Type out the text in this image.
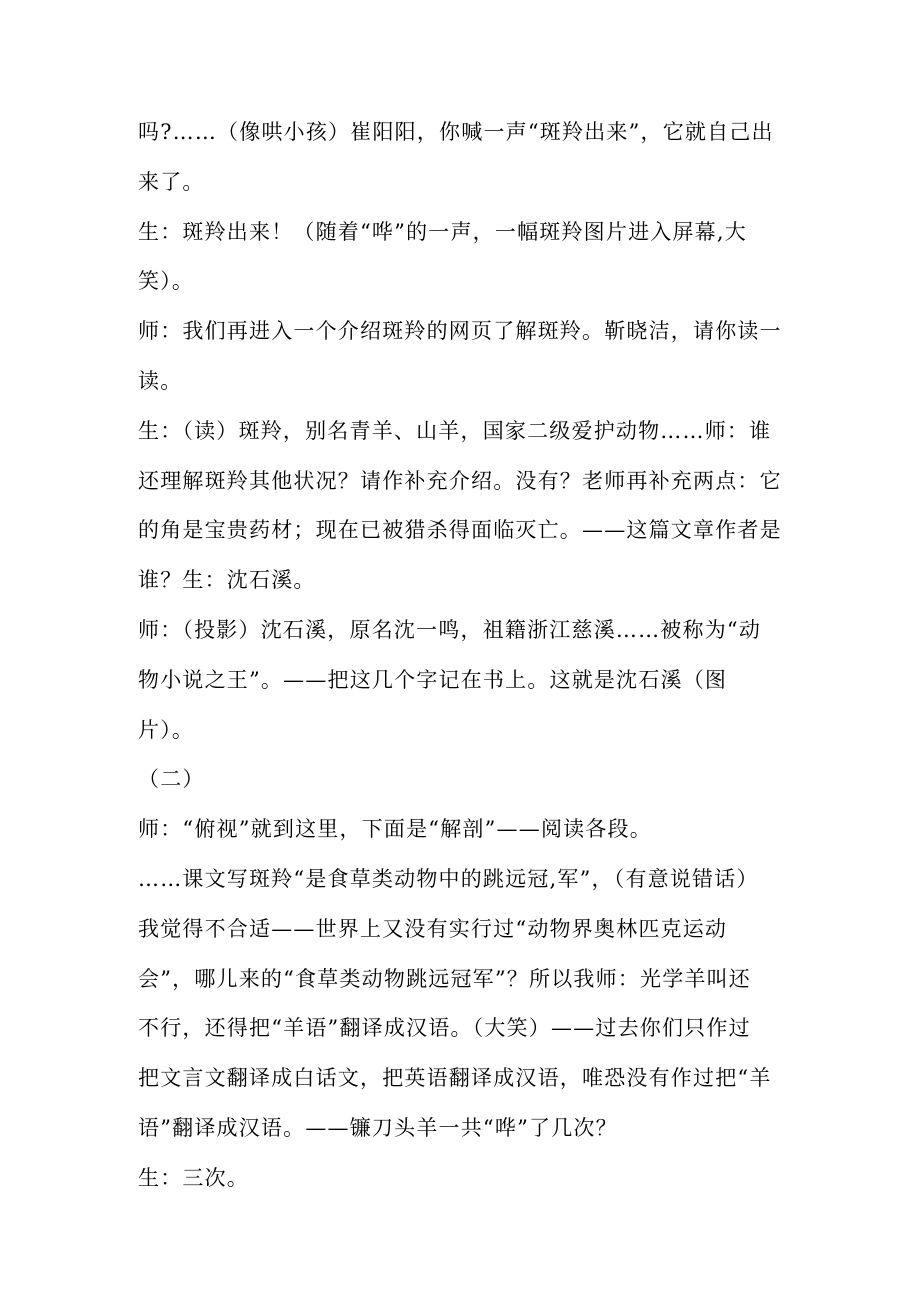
吗?……（像哄小孩）崔阳阳，你喊一声“斑羚出来”，它就自己出
来了。
生：斑羚出来！（随着“哗”的一声，一幅斑羚图片进入屏幕,大
笑）。
师：我们再进入一个介绍斑羚的网页了解斑羚。靳晓洁，请你读一
读。
生：（读）斑羚，别名青羊、山羊，国家二级爱护动物……师：谁
还理解斑羚其他状况？请作补充介绍。没有？老师再补充两点：它
的角是宝贵药材；现在已被猎杀得面临灭亡。——这篇文章作者是
谁？生：沈石溪。
师：（投影）沈石溪，原名沈一鸣，祖籍浙江慈溪……被称为“动
物小说之王”。——把这几个字记在书上。这就是沈石溪（图
片）。
（二）
师：“俯视”就到这里，下面是“解剖”——阅读各段。
……课文写斑羚“是食草类动物中的跳远冠,军”，（有意说错话）
我觉得不合适——世界上又没有实行过“动物界奥林匹克运动
会”，哪儿来的“食草类动物跳远冠军”？所以我师：光学羊叫还
不行，还得把“羊语”翻译成汉语。（大笑）——过去你们只作过
把文言文翻译成白话文，把英语翻译成汉语，唯恐没有作过把“羊
语”翻译成汉语。——镰刀头羊一共“哗”了几次？
生：三次。
